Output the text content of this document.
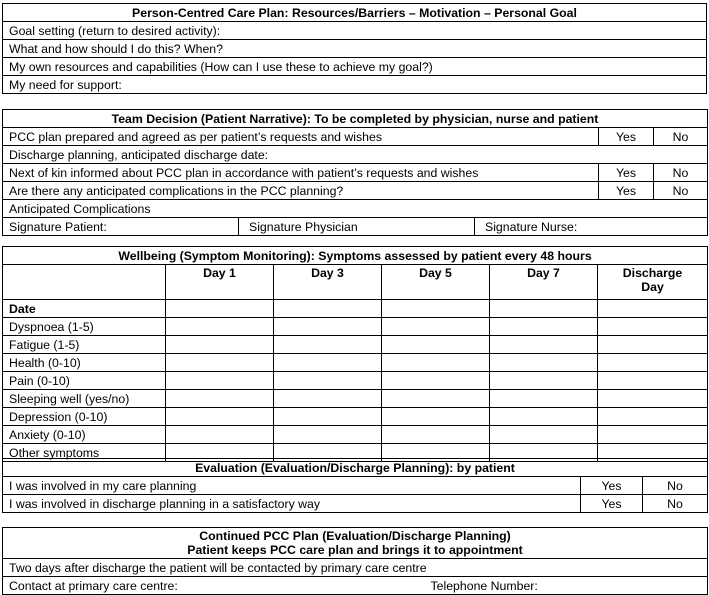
Person-Centred Care Plan: Resources/Barriers – Motivation – Personal Goal
Goal setting (return to desired activity):
What and how should I do this? When?
My own resources and capabilities (How can I use these to achieve my goal?)
My need for support:
Team Decision (Patient Narrative): To be completed by physician, nurse and patient		
PCC plan prepared and agreed as per patient’s requests and wishes	Yes	No
Discharge planning, anticipated discharge date:		
Next of kin informed about PCC plan in accordance with patient’s requests and wishes	Yes	No
Are there any anticipated complications in the PCC planning?	Yes	No
Anticipated Complications		
Signature Patient:	Signature Physician	Signature Nurse:
Wellbeing (Symptom Monitoring): Symptoms assessed by patient every 48 hours					
	Day 1	Day 3	Day 5	Day 7	Discharge
Day

Date					
Dyspnoea (1-5)					
Fatigue (1-5)					
Health (0-10)					
Pain (0-10)					
Sleeping well (yes/no)					
Depression (0-10)					
Anxiety (0-10)					
Other symptoms					
Evaluation (Evaluation/Discharge Planning): by patient		
I was involved in my care planning	Yes	No
I was involved in discharge planning in a satisfactory way	Yes	No
Continued PCC Plan (Evaluation/Discharge Planning)
Patient keeps PCC care plan and brings it to appointment

Two days after discharge the patient will be contacted by primary care centre
Contact at primary care centre:	Telephone Number:
